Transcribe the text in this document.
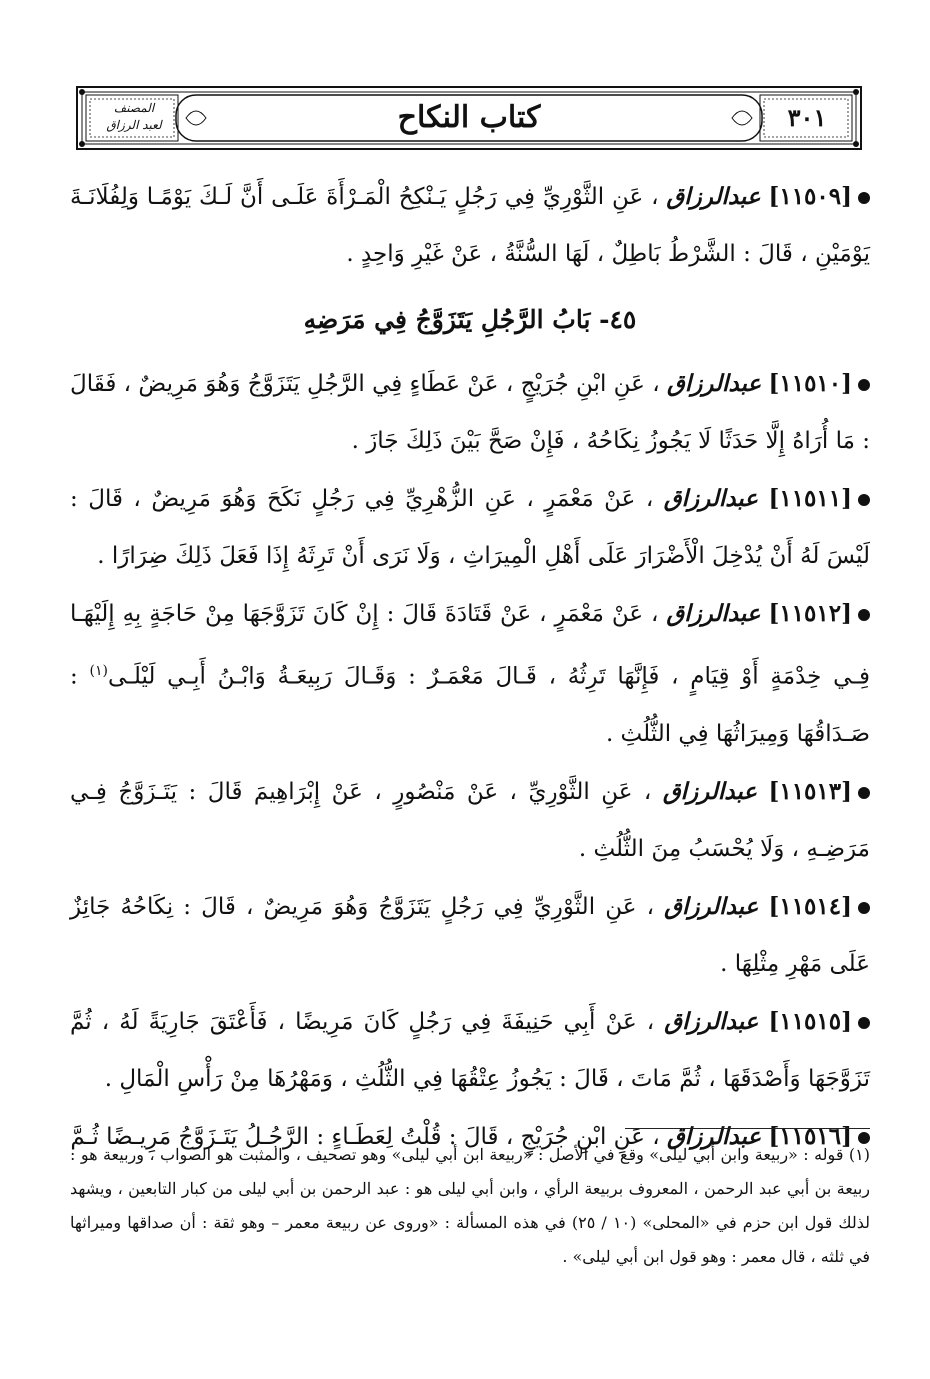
المصنف
لعبد الرزاق	كتاب النكاح	٣٠١

[١١٥٠٩] عبدالرزاق ، عَنِ الثَّوْرِيِّ فِي رَجُلٍ يَـنْكِحُ الْمَـرْأَةَ عَلَـى أَنَّ لَـكَ يَوْمًـا وَلِفُلَانَـةَ يَوْمَيْنِ ، قَالَ : الشَّرْطُ بَاطِلٌ ، لَهَا السُّنَّةُ ، عَنْ غَيْرِ وَاحِدٍ .

٤٥- بَابُ الرَّجُلِ يَتَزَوَّجُ فِي مَرَضِهِ

[١١٥١٠] عبدالرزاق ، عَنِ ابْنِ جُرَيْجٍ ، عَنْ عَطَاءٍ فِي الرَّجُلِ يَتَزَوَّجُ وَهُوَ مَرِيضٌ ، فَقَالَ : مَا أُرَاهُ إِلَّا حَدَثًا لَا يَجُوزُ نِكَاحُهُ ، فَإِنْ صَحَّ بَيْنَ ذَلِكَ جَازَ .

[١١٥١١] عبدالرزاق ، عَنْ مَعْمَرٍ ، عَنِ الزُّهْرِيِّ فِي رَجُلٍ نَكَحَ وَهُوَ مَرِيضٌ ، قَالَ : لَيْسَ لَهُ أَنْ يُدْخِلَ الْأَضْرَارَ عَلَى أَهْلِ الْمِيرَاثِ ، وَلَا نَرَى أَنْ تَرِثَهُ إِذَا فَعَلَ ذَلِكَ ضِرَارًا .

[١١٥١٢] عبدالرزاق ، عَنْ مَعْمَرٍ ، عَنْ قَتَادَةَ قَالَ : إِنْ كَانَ تَزَوَّجَهَا مِنْ حَاجَةٍ بِهِ إِلَيْهَـا فِـي خِدْمَةٍ أَوْ قِيَامٍ ، فَإِنَّهَا تَرِثُهُ ، قَـالَ مَعْمَـرٌ : وَقَـالَ رَبِيعَـةُ وَابْـنُ أَبِـي لَيْلَـى$^{(١)}$ : صَـدَاقُهَا وَمِيرَاثُهَا فِي الثُّلُثِ .

[١١٥١٣] عبدالرزاق ، عَنِ الثَّوْرِيِّ ، عَنْ مَنْصُورٍ ، عَنْ إِبْرَاهِيمَ قَالَ : يَتَـزَوَّجُ فِـي مَرَضِـهِ ، وَلَا يُحْسَبُ مِنَ الثُّلُثِ .

[١١٥١٤] عبدالرزاق ، عَنِ الثَّوْرِيِّ فِي رَجُلٍ يَتَزَوَّجُ وَهُوَ مَرِيضٌ ، قَالَ : نِكَاحُهُ جَائِزٌ عَلَى مَهْرِ مِثْلِهَا .

[١١٥١٥] عبدالرزاق ، عَنْ أَبِي حَنِيفَةَ فِي رَجُلٍ كَانَ مَرِيضًا ، فَأَعْتَقَ جَارِيَةً لَهُ ، ثُمَّ تَزَوَّجَهَا وَأَصْدَقَهَا ، ثُمَّ مَاتَ ، قَالَ : يَجُوزُ عِتْقُهَا فِي الثُّلُثِ ، وَمَهْرُهَا مِنْ رَأْسِ الْمَالِ .

[١١٥١٦] عبدالرزاق ، عَنِ ابْنِ جُرَيْجٍ ، قَالَ : قُلْتُ لِعَطَـاءٍ : الرَّجُـلُ يَتَـزَوَّجُ مَرِيـضًا ثُـمَّ

(١) قوله : «ربيعة وابن أبي ليلى» وقع في الأصل : «ربيعة ابن أبي ليلى» وهو تصحيف ، والمثبت هو الصواب ، وربيعة هو : ربيعة بن أبي عبد الرحمن ، المعروف بربيعة الرأي ، وابن أبي ليلى هو : عبد الرحمن بن أبي ليلى من كبار التابعين ، ويشهد لذلك قول ابن حزم في «المحلى» (١٠ / ٢٥) في هذه المسألة : «وروى عن ربيعة معمر – وهو ثقة : أن صداقها وميراثها في ثلثه ، قال معمر : وهو قول ابن أبي ليلى» .
